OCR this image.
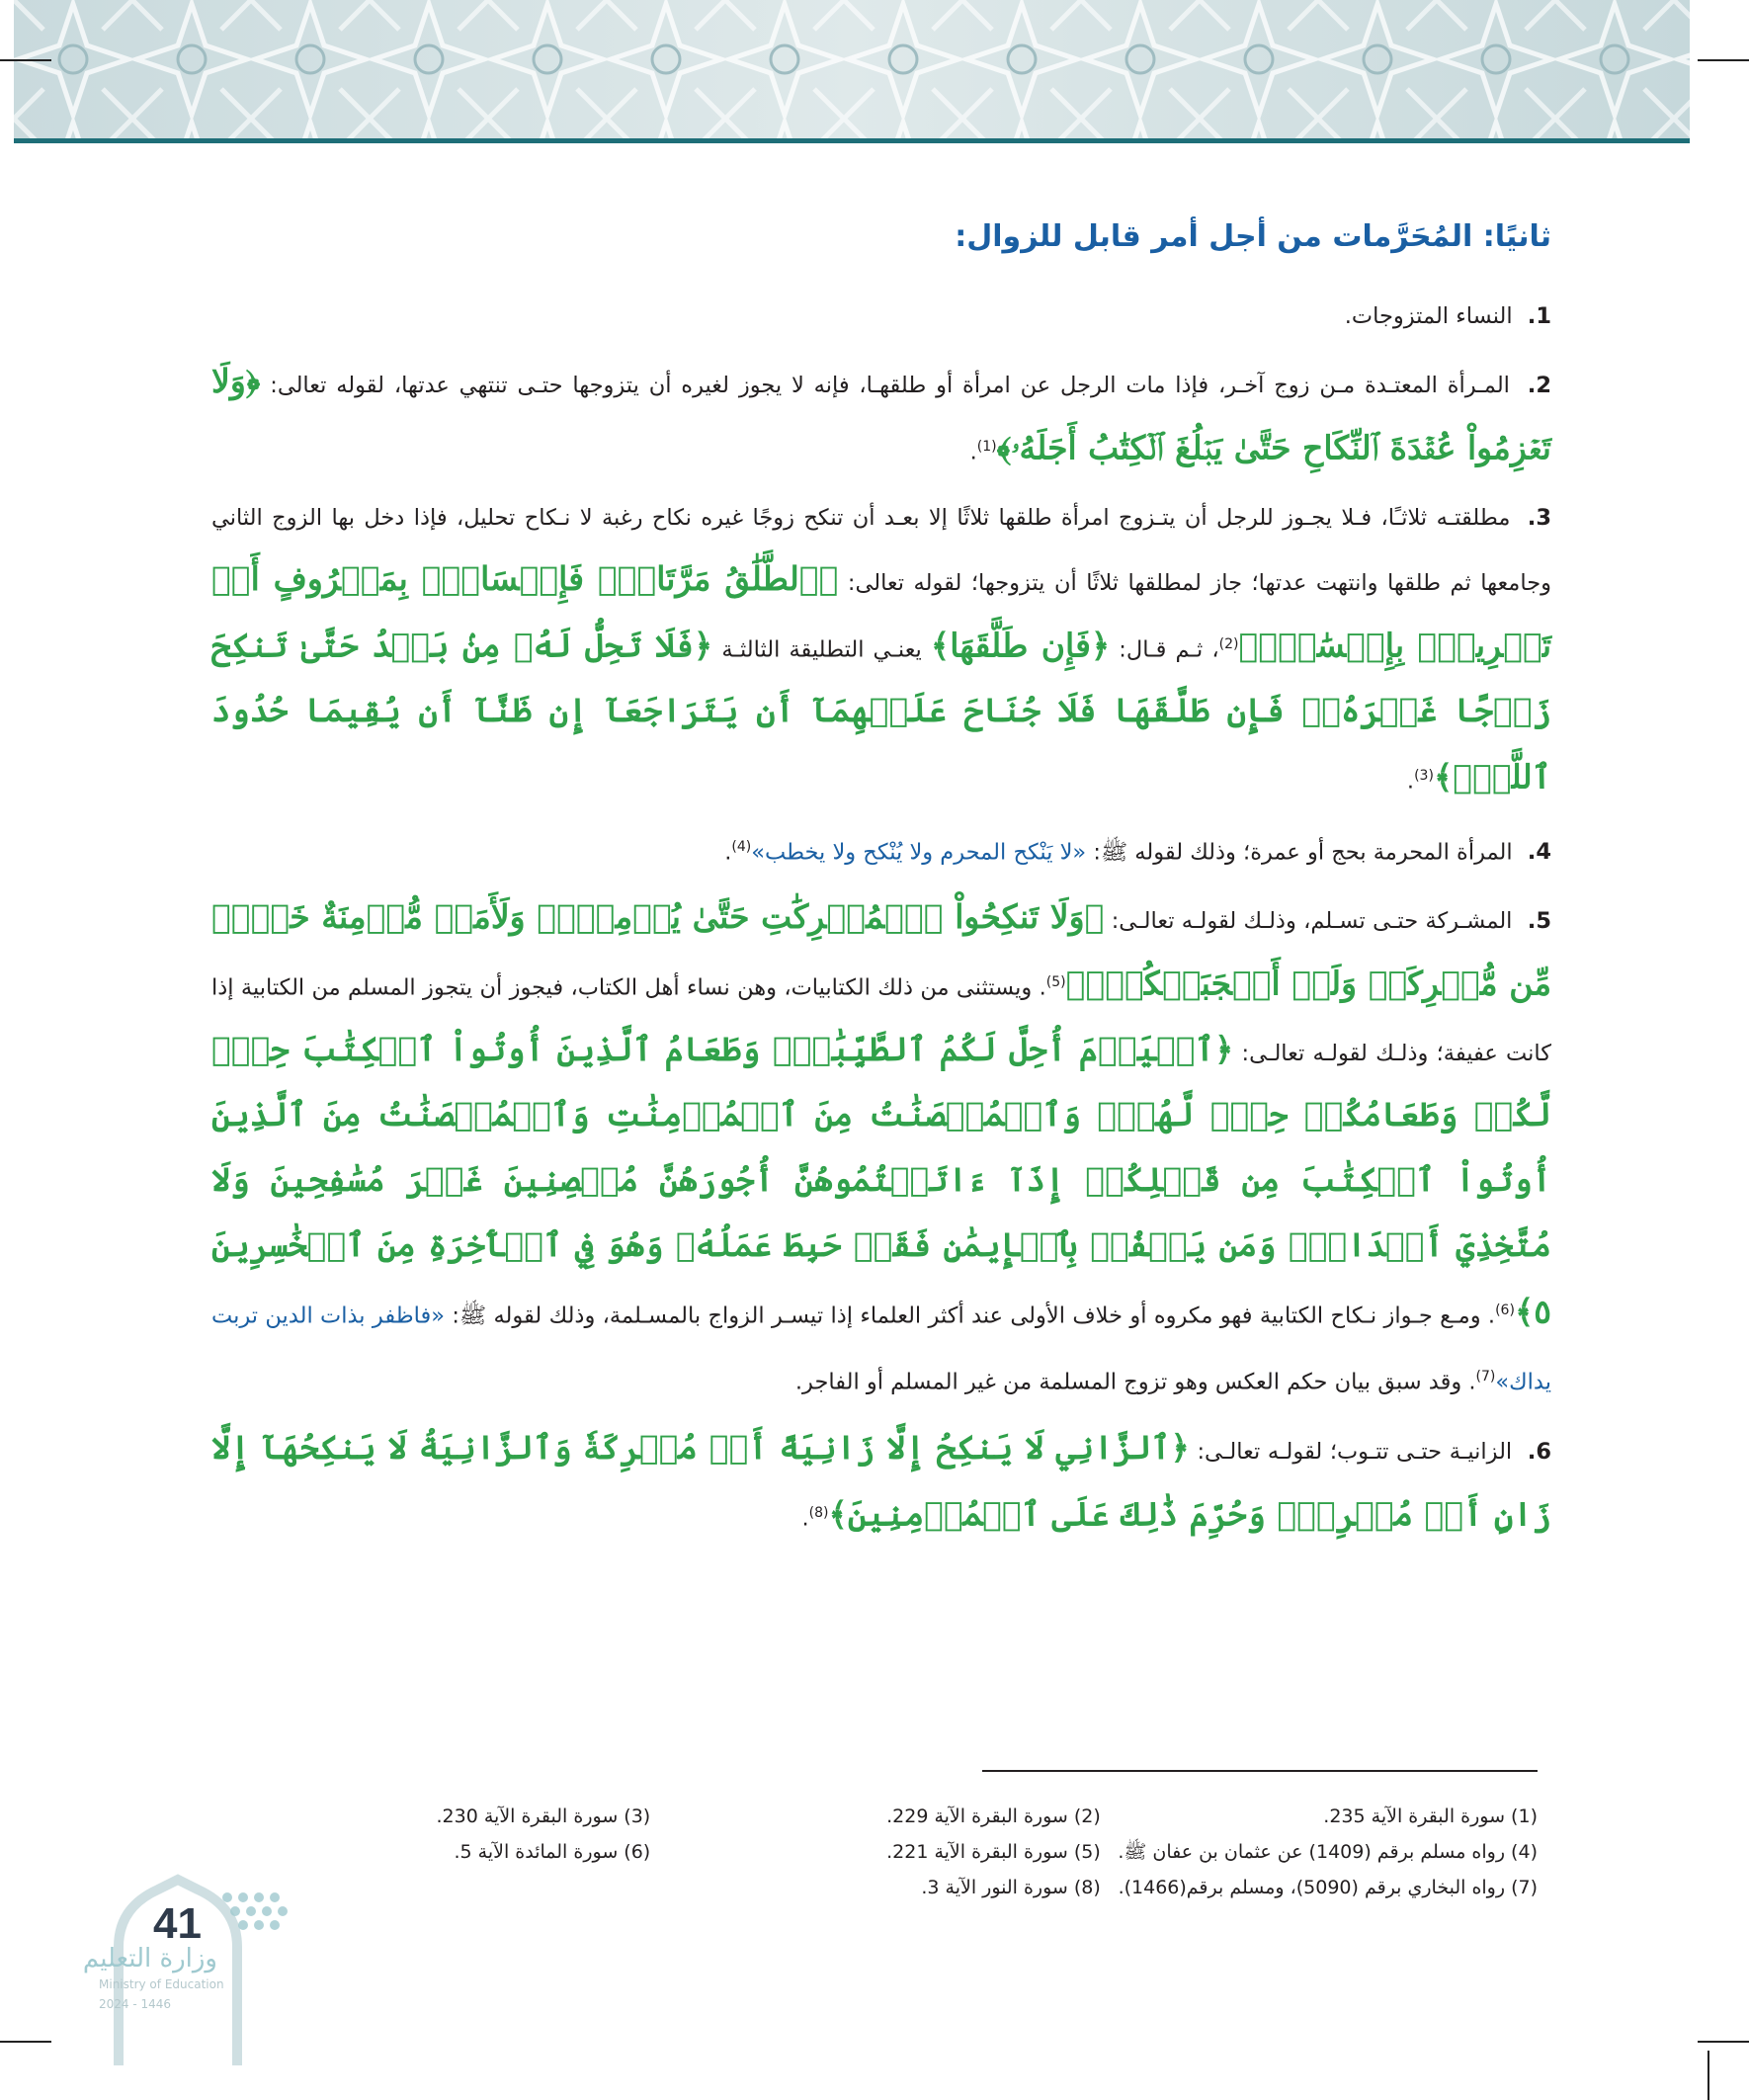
ثانيًا: المُحَرَّمات من أجل أمر قابل للزوال:

1. النساء المتزوجات.

2. المـرأة المعتـدة مـن زوج آخـر، فإذا مات الرجل عن امرأة أو طلقهـا، فإنه لا يجوز لغيره أن يتزوجها حتـى تنتهي عدتها، لقوله تعالى: ﴿وَلَا تَعۡزِمُواْ عُقۡدَةَ ٱلنِّكَاحِ حَتَّىٰ يَبۡلُغَ ٱلۡكِتَٰبُ أَجَلَهُۥ﴾$^{(1)}$.

3. مطلقتـه ثلاثـًا، فـلا يجـوز للرجل أن يتـزوج امرأة طلقها ثلاثًا إلا بعـد أن تنكح زوجًا غيره نكاح رغبة لا نـكاح تحليل، فإذا دخل بها الزوج الثاني وجامعها ثم طلقها وانتهت عدتها؛ جاز لمطلقها ثلاثًا أن يتزوجها؛ لقوله تعالى: ﴿ٱلطَّلَٰقُ مَرَّتَانِۖ فَإِمۡسَاكُۢ بِمَعۡرُوفٍ أَوۡ تَسۡرِيحُۢ بِإِحۡسَٰنٖۗ﴾$^{(2)}$، ثـم قـال: ﴿فَإِن طَلَّقَهَا﴾ يعنـي التطليقة الثالثـة ﴿فَلَا تَحِلُّ لَهُۥ مِنۢ بَعۡدُ حَتَّىٰ تَنكِحَ زَوۡجًا غَيۡرَهُۥۗ فَإِن طَلَّقَهَا فَلَا جُنَاحَ عَلَيۡهِمَآ أَن يَتَرَاجَعَآ إِن ظَنَّآ أَن يُقِيمَا حُدُودَ ٱللَّهِۗ﴾$^{(3)}$.

4. المرأة المحرمة بحج أو عمرة؛ وذلك لقوله ﷺ: «لا يَنْكح المحرم ولا يُنْكح ولا يخطب»$^{(4)}$.

5. المشـركة حتـى تسـلم، وذلـك لقولـه تعالـى: ﴿وَلَا تَنكِحُواْ ٱلۡمُشۡرِكَٰتِ حَتَّىٰ يُؤۡمِنَّۚ وَلَأَمَةٞ مُّؤۡمِنَةٌ خَيۡرٞ مِّن مُّشۡرِكَةٖ وَلَوۡ أَعۡجَبَتۡكُمۡۗ﴾$^{(5)}$. ويستثنى من ذلك الكتابيات، وهن نساء أهل الكتاب، فيجوز أن يتجوز المسلم من الكتابية إذا كانت عفيفة؛ وذلـك لقولـه تعالـى: ﴿ٱلۡيَوۡمَ أُحِلَّ لَكُمُ ٱلطَّيِّبَٰتُۖ وَطَعَامُ ٱلَّذِينَ أُوتُواْ ٱلۡكِتَٰبَ حِلّٞ لَّكُمۡ وَطَعَامُكُمۡ حِلّٞ لَّهُمۡۖ وَٱلۡمُحۡصَنَٰتُ مِنَ ٱلۡمُؤۡمِنَٰتِ وَٱلۡمُحۡصَنَٰتُ مِنَ ٱلَّذِينَ أُوتُواْ ٱلۡكِتَٰبَ مِن قَبۡلِكُمۡ إِذَآ ءَاتَيۡتُمُوهُنَّ أُجُورَهُنَّ مُحۡصِنِينَ غَيۡرَ مُسَٰفِحِينَ وَلَا مُتَّخِذِيٓ أَخۡدَانٖۗ وَمَن يَكۡفُرۡ بِٱلۡإِيمَٰنِ فَقَدۡ حَبِطَ عَمَلُهُۥ وَهُوَ فِي ٱلۡأٓخِرَةِ مِنَ ٱلۡخَٰسِرِينَ ٥﴾$^{(6)}$. ومـع جـواز نـكاح الكتابية فهو مكروه أو خلاف الأولى عند أكثر العلماء إذا تيسـر الزواج بالمسـلمة، وذلك لقوله ﷺ: «فاظفر بذات الدين تربت يداك»$^{(7)}$. وقد سبق بيان حكم العكس وهو تزوج المسلمة من غير المسلم أو الفاجر.

6. الزانيـة حتـى تتـوب؛ لقولـه تعالـى: ﴿ٱلزَّانِي لَا يَنكِحُ إِلَّا زَانِيَةً أَوۡ مُشۡرِكَةٗ وَٱلزَّانِيَةُ لَا يَنكِحُهَآ إِلَّا زَانٍ أَوۡ مُشۡرِكٞۚ وَحُرِّمَ ذَٰلِكَ عَلَى ٱلۡمُؤۡمِنِينَ﴾$^{(8)}$.

(1) سورة البقرة الآية 235.
(2) سورة البقرة الآية 229.
(3) سورة البقرة الآية 230.
(4) رواه مسلم برقم (1409) عن عثمان بن عفان ﷺ.
(5) سورة البقرة الآية 221.
(6) سورة المائدة الآية 5.
(7) رواه البخاري برقم (5090)، ومسلم برقم(1466).
(8) سورة النور الآية 3.
وزارة التعليم
Ministry of Education
2024 - 1446
41
